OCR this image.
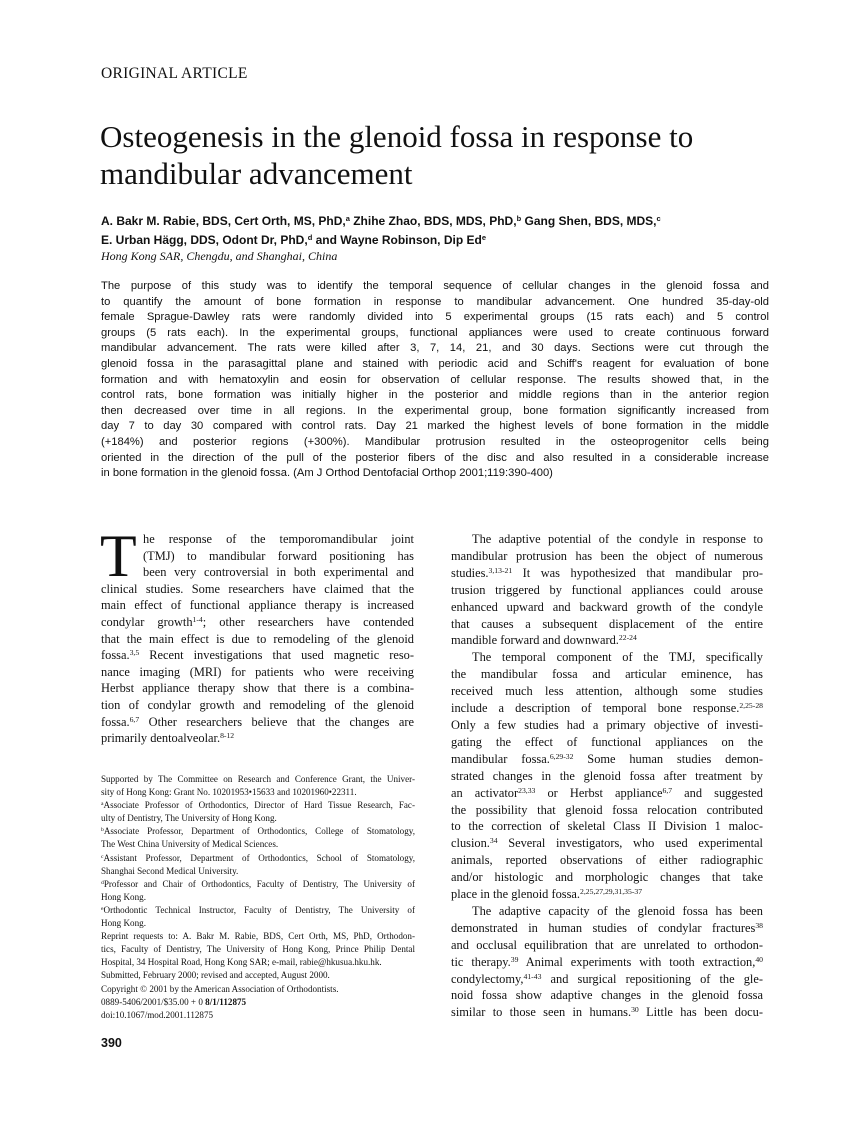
ORIGINAL ARTICLE
Osteogenesis in the glenoid fossa in response to
mandibular advancement
A. Bakr M. Rabie, BDS, Cert Orth, MS, PhD,$^a$ Zhihe Zhao, BDS, MDS, PhD,$^b$ Gang Shen, BDS, MDS,$^c$
E. Urban Hägg, DDS, Odont Dr, PhD,$^d$ and Wayne Robinson, Dip Ed$^e$
Hong Kong SAR, Chengdu, and Shanghai, China
The purpose of this study was to identify the temporal sequence of cellular changes in the glenoid fossa and
to quantify the amount of bone formation in response to mandibular advancement. One hundred 35-day-old
female Sprague-Dawley rats were randomly divided into 5 experimental groups (15 rats each) and 5 control
groups (5 rats each). In the experimental groups, functional appliances were used to create continuous forward
mandibular advancement. The rats were killed after 3, 7, 14, 21, and 30 days. Sections were cut through the
glenoid fossa in the parasagittal plane and stained with periodic acid and Schiff's reagent for evaluation of bone
formation and with hematoxylin and eosin for observation of cellular response. The results showed that, in the
control rats, bone formation was initially higher in the posterior and middle regions than in the anterior region
then decreased over time in all regions. In the experimental group, bone formation significantly increased from
day 7 to day 30 compared with control rats. Day 21 marked the highest levels of bone formation in the middle
(+184%) and posterior regions (+300%). Mandibular protrusion resulted in the osteoprogenitor cells being
oriented in the direction of the pull of the posterior fibers of the disc and also resulted in a considerable increase
in bone formation in the glenoid fossa. (Am J Orthod Dentofacial Orthop 2001;119:390-400)
T he response of the temporomandibular joint
(TMJ) to mandibular forward positioning has
been very controversial in both experimental and
clinical studies. Some researchers have claimed that the
main effect of functional appliance therapy is increased
condylar growth$^{1-4}$; other researchers have contended
that the main effect is due to remodeling of the glenoid
fossa.$^{3,5}$ Recent investigations that used magnetic reso-
nance imaging (MRI) for patients who were receiving
Herbst appliance therapy show that there is a combina-
tion of condylar growth and remodeling of the glenoid
fossa.$^{6,7}$ Other researchers believe that the changes are
primarily dentoalveolar.$^{8-12}$
The adaptive potential of the condyle in response to
mandibular protrusion has been the object of numerous
studies.$^{3,13-21}$ It was hypothesized that mandibular pro-
trusion triggered by functional appliances could arouse
enhanced upward and backward growth of the condyle
that causes a subsequent displacement of the entire
mandible forward and downward.$^{22-24}$
The temporal component of the TMJ, specifically
the mandibular fossa and articular eminence, has
received much less attention, although some studies
include a description of temporal bone response.$^{2,25-28}$
Only a few studies had a primary objective of investi-
gating the effect of functional appliances on the
mandibular fossa.$^{6,29-32}$ Some human studies demon-
strated changes in the glenoid fossa after treatment by
an activator$^{23,33}$ or Herbst appliance$^{6,7}$ and suggested
the possibility that glenoid fossa relocation contributed
to the correction of skeletal Class II Division 1 maloc-
clusion.$^{34}$ Several investigators, who used experimental
animals, reported observations of either radiographic
and/or histologic and morphologic changes that take
place in the glenoid fossa.$^{2,25,27,29,31,35-37}$
The adaptive capacity of the glenoid fossa has been
demonstrated in human studies of condylar fractures$^{38}$
and occlusal equilibration that are unrelated to orthodon-
tic therapy.$^{39}$ Animal experiments with tooth extraction,$^{40}$
condylectomy,$^{41-43}$ and surgical repositioning of the gle-
noid fossa show adaptive changes in the glenoid fossa
similar to those seen in humans.$^{30}$ Little has been docu-
Supported by The Committee on Research and Conference Grant, the Univer-
sity of Hong Kong: Grant No. 10201953•15633 and 10201960•22311.
$^a$Associate Professor of Orthodontics, Director of Hard Tissue Research, Fac-
ulty of Dentistry, The University of Hong Kong.
$^b$Associate Professor, Department of Orthodontics, College of Stomatology,
The West China University of Medical Sciences.
$^c$Assistant Professor, Department of Orthodontics, School of Stomatology,
Shanghai Second Medical University.
$^d$Professor and Chair of Orthodontics, Faculty of Dentistry, The University of
Hong Kong.
$^e$Orthodontic Technical Instructor, Faculty of Dentistry, The University of
Hong Kong.
Reprint requests to: A. Bakr M. Rabie, BDS, Cert Orth, MS, PhD, Orthodon-
tics, Faculty of Dentistry, The University of Hong Kong, Prince Philip Dental
Hospital, 34 Hospital Road, Hong Kong SAR; e-mail, rabie@hkusua.hku.hk.
Submitted, February 2000; revised and accepted, August 2000.
Copyright © 2001 by the American Association of Orthodontists.
0889-5406/2001/$35.00 + 0 8/1/112875
doi:10.1067/mod.2001.112875
390
